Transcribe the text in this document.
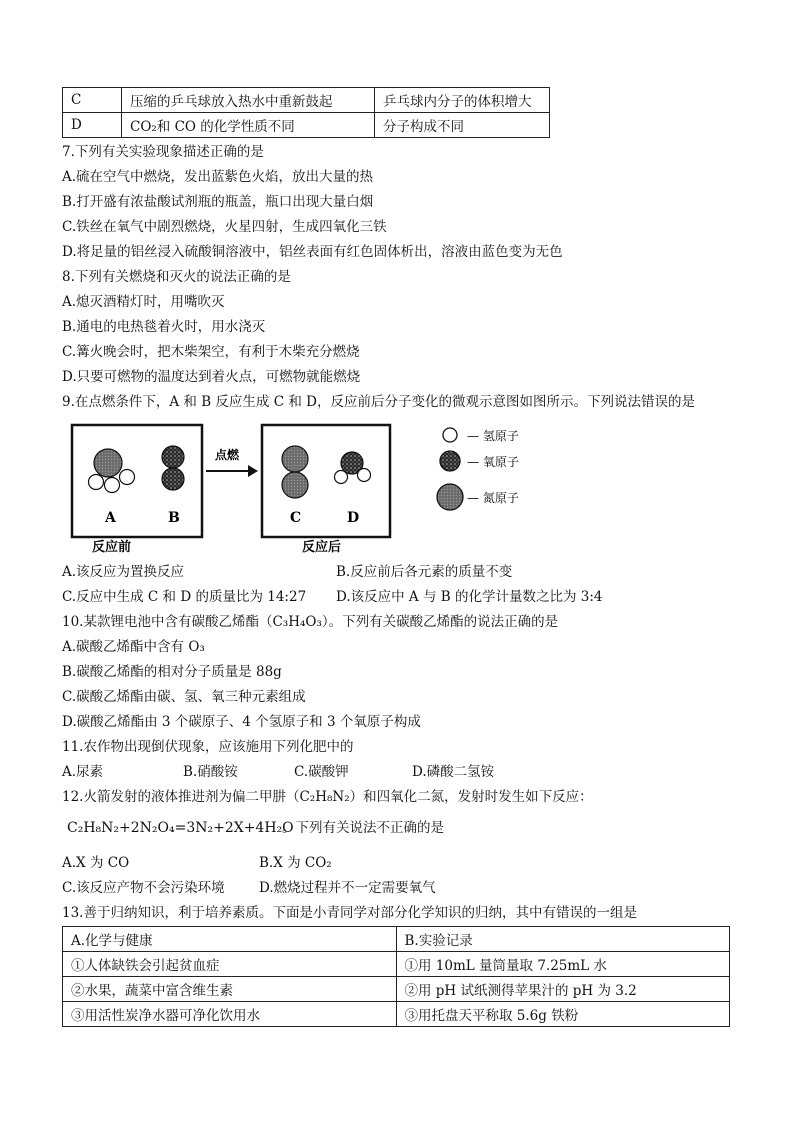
C	压缩的乒乓球放入热水中重新鼓起	乒乓球内分子的体积增大
D	CO₂和 CO 的化学性质不同	分子构成不同
7.下列有关实验现象描述正确的是
A.硫在空气中燃烧，发出蓝紫色火焰，放出大量的热
B.打开盛有浓盐酸试剂瓶的瓶盖，瓶口出现大量白烟
C.铁丝在氧气中剧烈燃烧，火星四射，生成四氧化三铁
D.将足量的铝丝浸入硫酸铜溶液中，铝丝表面有红色固体析出，溶液由蓝色变为无色
8.下列有关燃烧和灭火的说法正确的是
A.熄灭酒精灯时，用嘴吹灭
B.通电的电热毯着火时，用水浇灭
C.篝火晚会时，把木柴架空，有利于木柴充分燃烧
D.只要可燃物的温度达到着火点，可燃物就能燃烧
9.在点燃条件下，A 和 B 反应生成 C 和 D，反应前后分子变化的微观示意图如图所示。下列说法错误的是
A	B
反应前
点燃
C	D
反应后
— 氢原子
— 氧原子
— 氮原子
A.该反应为置换反应	B.反应前后各元素的质量不变
C.反应中生成 C 和 D 的质量比为 14:27 D.该反应中 A 与 B 的化学计量数之比为 3:4
10.某款锂电池中含有碳酸乙烯酯（C₃H₄O₃）。下列有关碳酸乙烯酯的说法正确的是
A.碳酸乙烯酯中含有 O₃
B.碳酸乙烯酯的相对分子质量是 88g
C.碳酸乙烯酯由碳、氢、氧三种元素组成
D.碳酸乙烯酯由 3 个碳原子、4 个氢原子和 3 个氧原子构成
11.农作物出现倒伏现象，应该施用下列化肥中的
A.尿素	B.硝酸铵	C.碳酸钾	D.磷酸二氢铵
12.火箭发射的液体推进剂为偏二甲肼（C₂H₈N₂）和四氧化二氮，发射时发生如下反应：
C₂H₈N₂+2N₂O₄=3N₂+2X+4H₂O
。下列有关说法不正确的是
A.X 为 CO	B.X 为 CO₂
C.该反应产物不会污染环境	D.燃烧过程并不一定需要氧气
13.善于归纳知识，利于培养素质。下面是小青同学对部分化学知识的归纳，其中有错误的一组是
A.化学与健康	B.实验记录
①人体缺铁会引起贫血症	①用 10mL 量筒量取 7.25mL 水
②水果，蔬菜中富含维生素	②用 pH 试纸测得苹果汁的 pH 为 3.2
③用活性炭净水器可净化饮用水	③用托盘天平称取 5.6g 铁粉
